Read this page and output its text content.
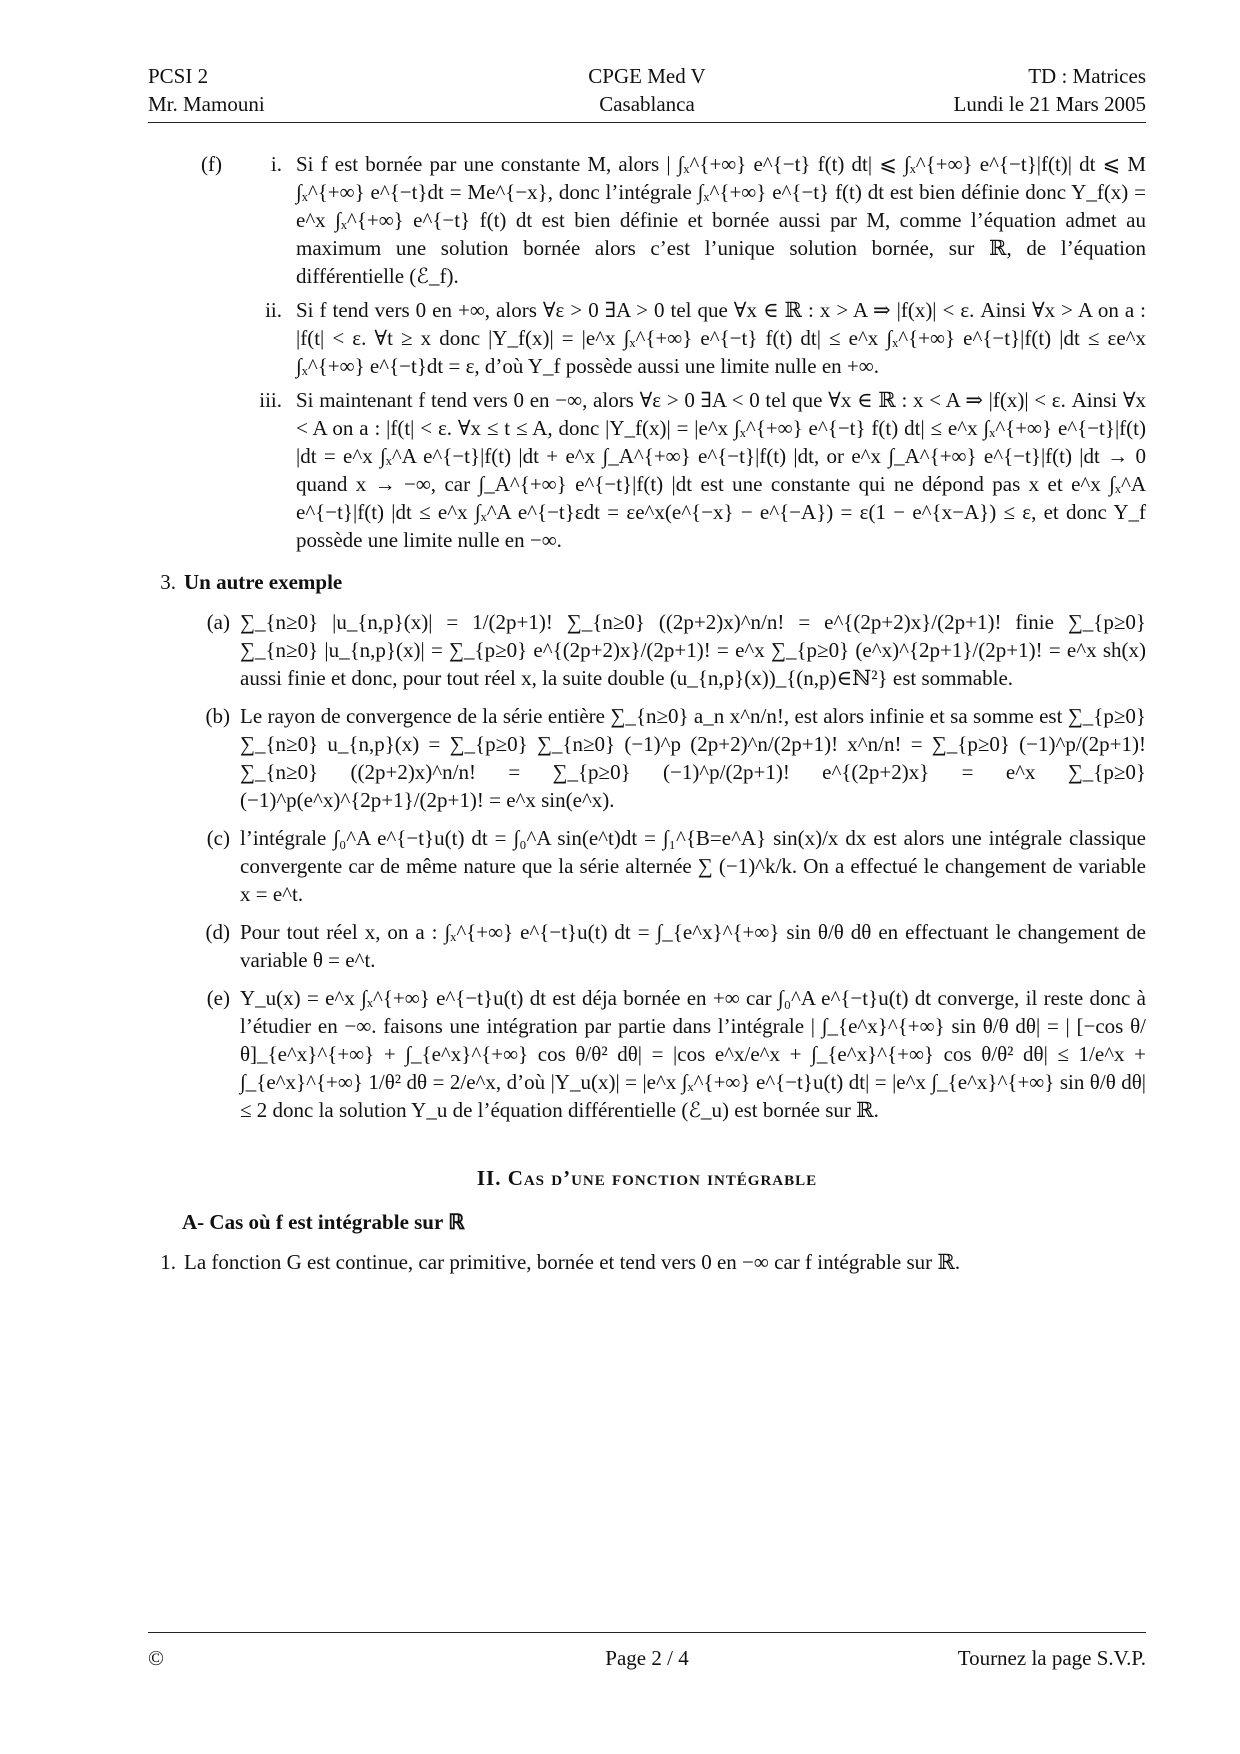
PCSI 2
Mr. Mamouni
CPGE Med V
Casablanca
TD : Matrices
Lundi le 21 Mars 2005
(f)	i. Si f est bornée par une constante M, alors | ∫ₓ^{+∞} e^{−t} f(t) dt| ⩽ ∫ₓ^{+∞} e^{−t}|f(t)| dt ⩽ M ∫ₓ^{+∞} e^{−t}dt = Me^{−x}, donc l’intégrale ∫ₓ^{+∞} e^{−t} f(t) dt est bien définie donc Y_f(x) = e^x ∫ₓ^{+∞} e^{−t} f(t) dt est bien définie et bornée aussi par M, comme l’équation admet au maximum une solution bornée alors c’est l’unique solution bornée, sur ℝ, de l’équation différentielle (ℰ_f).
ii. Si f tend vers 0 en +∞, alors ∀ε > 0 ∃A > 0 tel que ∀x ∈ ℝ : x > A ⇒ |f(x)| < ε. Ainsi ∀x > A on a : |f(t| < ε. ∀t ≥ x donc |Y_f(x)| = |e^x ∫ₓ^{+∞} e^{−t} f(t) dt| ≤ e^x ∫ₓ^{+∞} e^{−t}|f(t) |dt ≤ εe^x ∫ₓ^{+∞} e^{−t}dt = ε, d’où Y_f possède aussi une limite nulle en +∞.
iii. Si maintenant f tend vers 0 en −∞, alors ∀ε > 0 ∃A < 0 tel que ∀x ∈ ℝ : x < A ⇒ |f(x)| < ε. Ainsi ∀x < A on a : |f(t| < ε. ∀x ≤ t ≤ A, donc |Y_f(x)| = |e^x ∫ₓ^{+∞} e^{−t} f(t) dt| ≤ e^x ∫ₓ^{+∞} e^{−t}|f(t) |dt = e^x ∫ₓ^A e^{−t}|f(t) |dt + e^x ∫_A^{+∞} e^{−t}|f(t) |dt, or e^x ∫_A^{+∞} e^{−t}|f(t) |dt → 0 quand x → −∞, car ∫_A^{+∞} e^{−t}|f(t) |dt est une constante qui ne dépond pas x et e^x ∫ₓ^A e^{−t}|f(t) |dt ≤ e^x ∫ₓ^A e^{−t}εdt = εe^x(e^{−x} − e^{−A}) = ε(1 − e^{x−A}) ≤ ε, et donc Y_f possède une limite nulle en −∞.
3. Un autre exemple
(a) ∑_{n≥0} |u_{n,p}(x)| = 1/(2p+1)! ∑_{n≥0} ((2p+2)x)^n/n! = e^{(2p+2)x}/(2p+1)! finie ∑_{p≥0} ∑_{n≥0} |u_{n,p}(x)| = ∑_{p≥0} e^{(2p+2)x}/(2p+1)! = e^x ∑_{p≥0} (e^x)^{2p+1}/(2p+1)! = e^x sh(x) aussi finie et donc, pour tout réel x, la suite double (u_{n,p}(x))_{(n,p)∈ℕ²} est sommable.
(b) Le rayon de convergence de la série entière ∑_{n≥0} a_n x^n/n!, est alors infinie et sa somme est ∑_{p≥0} ∑_{n≥0} u_{n,p}(x) = ∑_{p≥0} ∑_{n≥0} (−1)^p (2p+2)^n/(2p+1)! x^n/n! = ∑_{p≥0} (−1)^p/(2p+1)! ∑_{n≥0} ((2p+2)x)^n/n! = ∑_{p≥0} (−1)^p/(2p+1)! e^{(2p+2)x} = e^x ∑_{p≥0} (−1)^p(e^x)^{2p+1}/(2p+1)! = e^x sin(e^x).
(c) l’intégrale ∫₀^A e^{−t}u(t) dt = ∫₀^A sin(e^t)dt = ∫₁^{B=e^A} sin(x)/x dx est alors une intégrale classique convergente car de même nature que la série alternée ∑ (−1)^k/k. On a effectué le changement de variable x = e^t.
(d) Pour tout réel x, on a : ∫ₓ^{+∞} e^{−t}u(t) dt = ∫_{e^x}^{+∞} sin θ/θ dθ en effectuant le changement de variable θ = e^t.
(e) Y_u(x) = e^x ∫ₓ^{+∞} e^{−t}u(t) dt est déja bornée en +∞ car ∫₀^A e^{−t}u(t) dt converge, il reste donc à l’étudier en −∞. faisons une intégration par partie dans l’intégrale | ∫_{e^x}^{+∞} sin θ/θ dθ| = | [−cos θ/θ]_{e^x}^{+∞} + ∫_{e^x}^{+∞} cos θ/θ² dθ| = |cos e^x/e^x + ∫_{e^x}^{+∞} cos θ/θ² dθ| ≤ 1/e^x + ∫_{e^x}^{+∞} 1/θ² dθ = 2/e^x, d’où |Y_u(x)| = |e^x ∫ₓ^{+∞} e^{−t}u(t) dt| = |e^x ∫_{e^x}^{+∞} sin θ/θ dθ| ≤ 2 donc la solution Y_u de l’équation différentielle (ℰ_u) est bornée sur ℝ.
II. Cas d’une fonction intégrable
A- Cas où f est intégrable sur ℝ
1. La fonction G est continue, car primitive, bornée et tend vers 0 en −∞ car f intégrable sur ℝ.
©	Page 2 / 4	Tournez la page S.V.P.
